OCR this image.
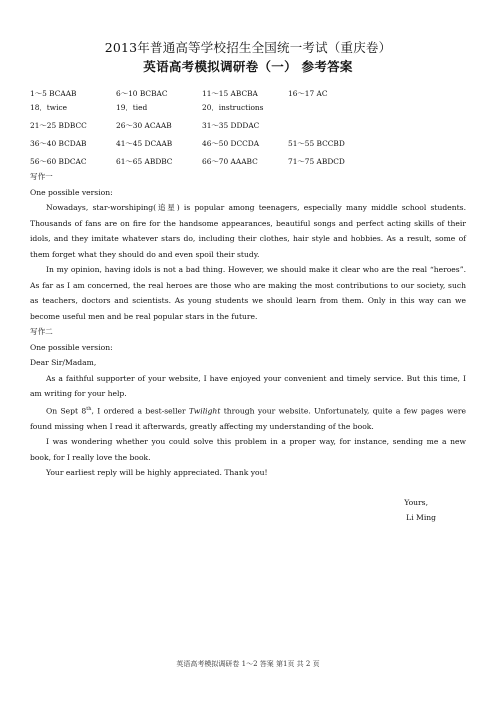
2013年普通高等学校招生全国统一考试（重庆卷）
英语高考模拟调研卷（一） 参考答案
1～5 BCAAB	6～10 BCBAC	11～15 ABCBA	16～17 AC
18．twice	19．tied	20．instructions
21～25 BDBCC	26～30 ACAAB	31～35 DDDAC
36～40 BCDAB	41～45 DCAAB	46～50 DCCDA	51～55 BCCBD
56～60 BDCAC	61～65 ABDBC	66～70 AAABC	71～75 ABDCD

写作一

One possible version:

Nowadays, star-worshiping(追星) is popular among teenagers, especially many middle school students. Thousands of fans are on fire for the handsome appearances, beautiful songs and perfect acting skills of their idols, and they imitate whatever stars do, including their clothes, hair style and hobbies. As a result, some of them forget what they should do and even spoil their study.

In my opinion, having idols is not a bad thing. However, we should make it clear who are the real “heroes”. As far as I am concerned, the real heroes are those who are making the most contributions to our society, such as teachers, doctors and scientists. As young students we should learn from them. Only in this way can we become useful men and be real popular stars in the future.

写作二

One possible version:

Dear Sir/Madam,

As a faithful supporter of your website, I have enjoyed your convenient and timely service. But this time, I am writing for your help.

On Sept 8th, I ordered a best-seller Twilight through your website. Unfortunately, quite a few pages were found missing when I read it afterwards, greatly affecting my understanding of the book.

I was wondering whether you could solve this problem in a proper way, for instance, sending me a new book, for I really love the book.

Your earliest reply will be highly appreciated. Thank you!

Yours,

Li Ming

英语高考模拟调研卷 1～2 答案 第1页 共 2 页
